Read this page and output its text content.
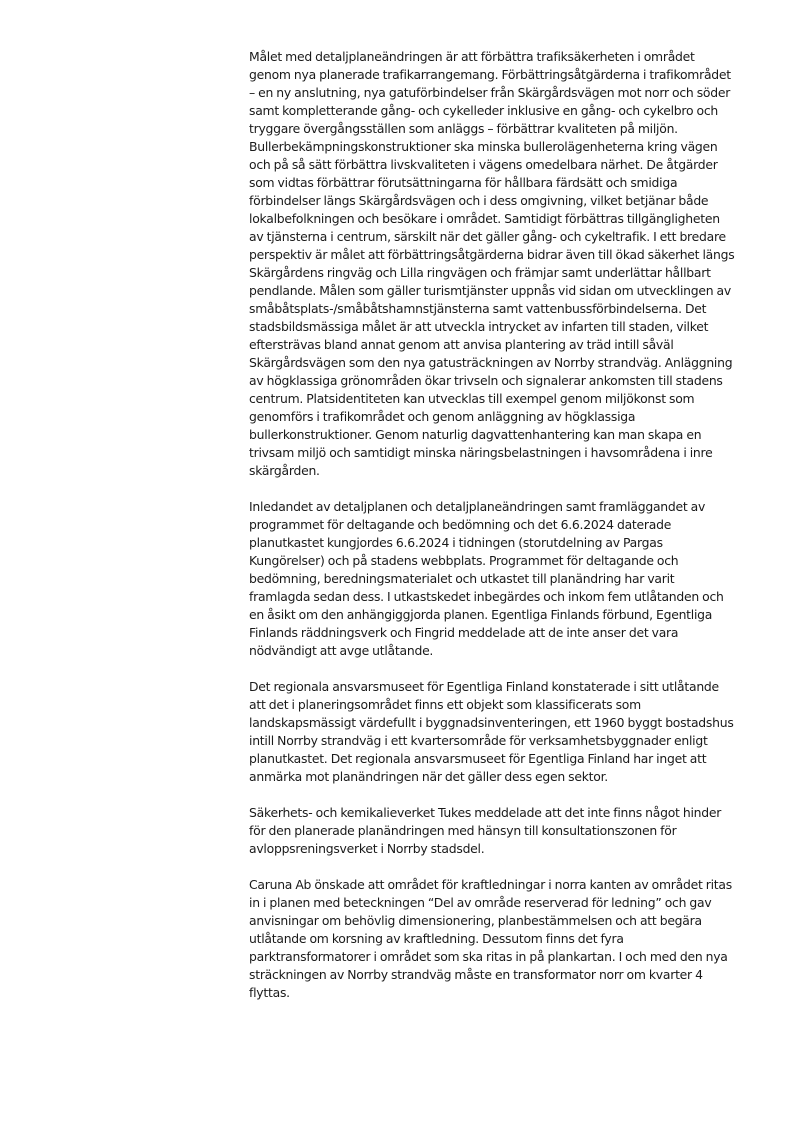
Målet med detaljplaneändringen är att förbättra trafiksäkerheten i området
genom nya planerade trafikarrangemang. Förbättringsåtgärderna i trafikområdet
– en ny anslutning, nya gatuförbindelser från Skärgårdsvägen mot norr och söder
samt kompletterande gång- och cykelleder inklusive en gång- och cykelbro och
tryggare övergångsställen som anläggs – förbättrar kvaliteten på miljön.
Bullerbekämpningskonstruktioner ska minska bullerolägenheterna kring vägen
och på så sätt förbättra livskvaliteten i vägens omedelbara närhet. De åtgärder
som vidtas förbättrar förutsättningarna för hållbara färdsätt och smidiga
förbindelser längs Skärgårdsvägen och i dess omgivning, vilket betjänar både
lokalbefolkningen och besökare i området. Samtidigt förbättras tillgängligheten
av tjänsterna i centrum, särskilt när det gäller gång- och cykeltrafik. I ett bredare
perspektiv är målet att förbättringsåtgärderna bidrar även till ökad säkerhet längs
Skärgårdens ringväg och Lilla ringvägen och främjar samt underlättar hållbart
pendlande. Målen som gäller turismtjänster uppnås vid sidan om utvecklingen av
småbåtsplats-/småbåtshamnstjänsterna samt vattenbussförbindelserna. Det
stadsbildsmässiga målet är att utveckla intrycket av infarten till staden, vilket
eftersträvas bland annat genom att anvisa plantering av träd intill såväl
Skärgårdsvägen som den nya gatusträckningen av Norrby strandväg. Anläggning
av högklassiga grönområden ökar trivseln och signalerar ankomsten till stadens
centrum. Platsidentiteten kan utvecklas till exempel genom miljökonst som
genomförs i trafikområdet och genom anläggning av högklassiga
bullerkonstruktioner. Genom naturlig dagvattenhantering kan man skapa en
trivsam miljö och samtidigt minska näringsbelastningen i havsområdena i inre
skärgården.

Inledandet av detaljplanen och detaljplaneändringen samt framläggandet av
programmet för deltagande och bedömning och det 6.6.2024 daterade
planutkastet kungjordes 6.6.2024 i tidningen (storutdelning av Pargas
Kungörelser) och på stadens webbplats. Programmet för deltagande och
bedömning, beredningsmaterialet och utkastet till planändring har varit
framlagda sedan dess. I utkastskedet inbegärdes och inkom fem utlåtanden och
en åsikt om den anhängiggjorda planen. Egentliga Finlands förbund, Egentliga
Finlands räddningsverk och Fingrid meddelade att de inte anser det vara
nödvändigt att avge utlåtande.

Det regionala ansvarsmuseet för Egentliga Finland konstaterade i sitt utlåtande
att det i planeringsområdet finns ett objekt som klassificerats som
landskapsmässigt värdefullt i byggnadsinventeringen, ett 1960 byggt bostadshus
intill Norrby strandväg i ett kvartersområde för verksamhetsbyggnader enligt
planutkastet. Det regionala ansvarsmuseet för Egentliga Finland har inget att
anmärka mot planändringen när det gäller dess egen sektor.

Säkerhets- och kemikalieverket Tukes meddelade att det inte finns något hinder
för den planerade planändringen med hänsyn till konsultationszonen för
avloppsreningsverket i Norrby stadsdel.

Caruna Ab önskade att området för kraftledningar i norra kanten av området ritas
in i planen med beteckningen “Del av område reserverad för ledning” och gav
anvisningar om behövlig dimensionering, planbestämmelsen och att begära
utlåtande om korsning av kraftledning. Dessutom finns det fyra
parktransformatorer i området som ska ritas in på plankartan. I och med den nya
sträckningen av Norrby strandväg måste en transformator norr om kvarter 4
flyttas.
